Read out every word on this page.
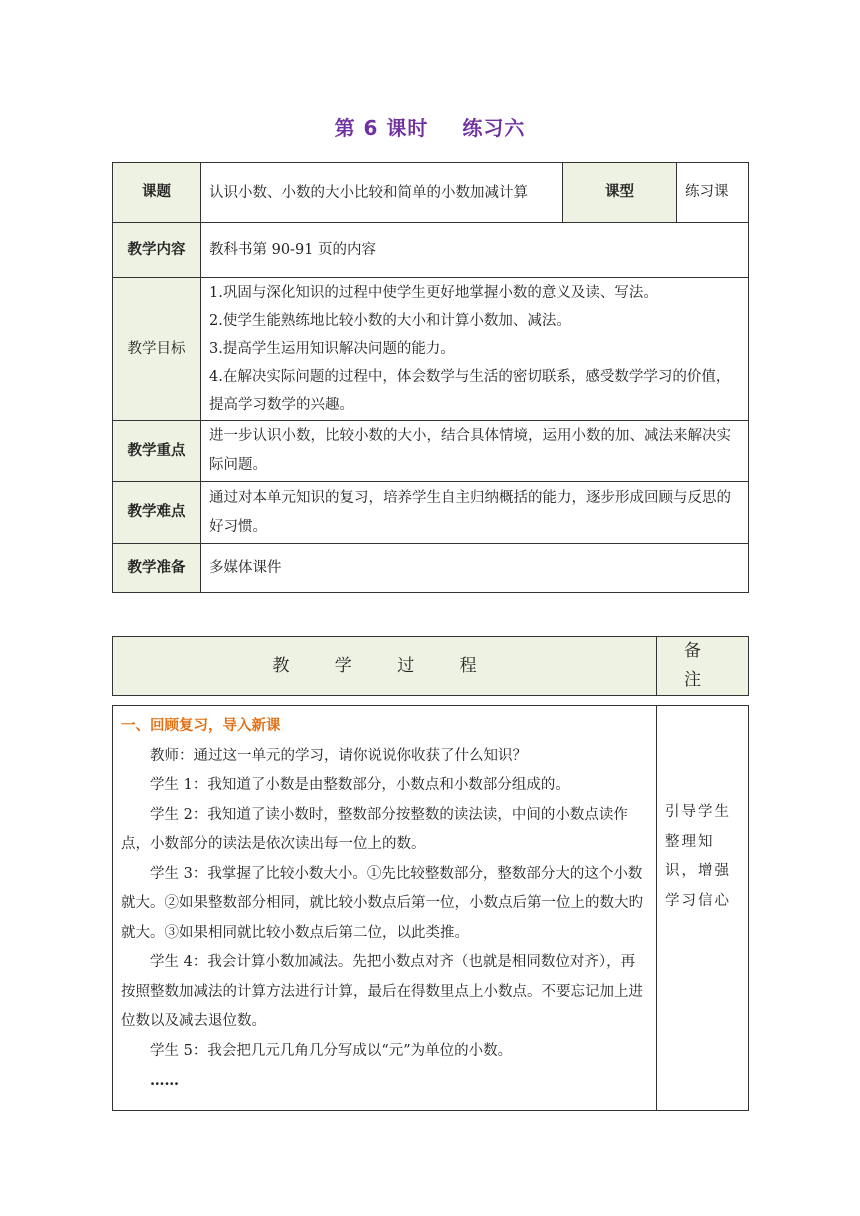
第 6 课时 练习六
课题	认识小数、小数的大小比较和简单的小数加减计算	课型	练习课
教学内容	教科书第 90-91 页的内容		
教学目标	1.巩固与深化知识的过程中使学生更好地掌握小数的意义及读、写法。
2.使学生能熟练地比较小数的大小和计算小数加、减法。
3.提高学生运用知识解决问题的能力。
4.在解决实际问题的过程中，体会数学与生活的密切联系，感受数学学习的价值，提高学习数学的兴趣。		

教学重点	进一步认识小数，比较小数的大小，结合具体情境，运用小数的加、减法来解决实际问题。		
教学难点	通过对本单元知识的复习，培养学生自主归纳概括的能力，逐步形成回顾与反思的好习惯。		
教学准备	多媒体课件		
教 学 过 程	备 注

一、回顾复习，导入新课

教师：通过这一单元的学习，请你说说你收获了什么知识？

学生 1：我知道了小数是由整数部分，小数点和小数部分组成的。

学生 2：我知道了读小数时，整数部分按整数的读法读，中间的小数点读作点，小数部分的读法是依次读出每一位上的数。

学生 3：我掌握了比较小数大小。①先比较整数部分，整数部分大的这个小数就大。②如果整数部分相同，就比较小数点后第一位，小数点后第一位上的数大旳就大。③如果相同就比较小数点后第二位，以此类推。

学生 4：我会计算小数加减法。先把小数点对齐（也就是相同数位对齐），再按照整数加减法的计算方法进行计算，最后在得数里点上小数点。不要忘记加上进位数以及减去退位数。

学生 5：我会把几元几角几分写成以“元”为单位的小数。

……

	引导学生整理知识，增强学习信心
